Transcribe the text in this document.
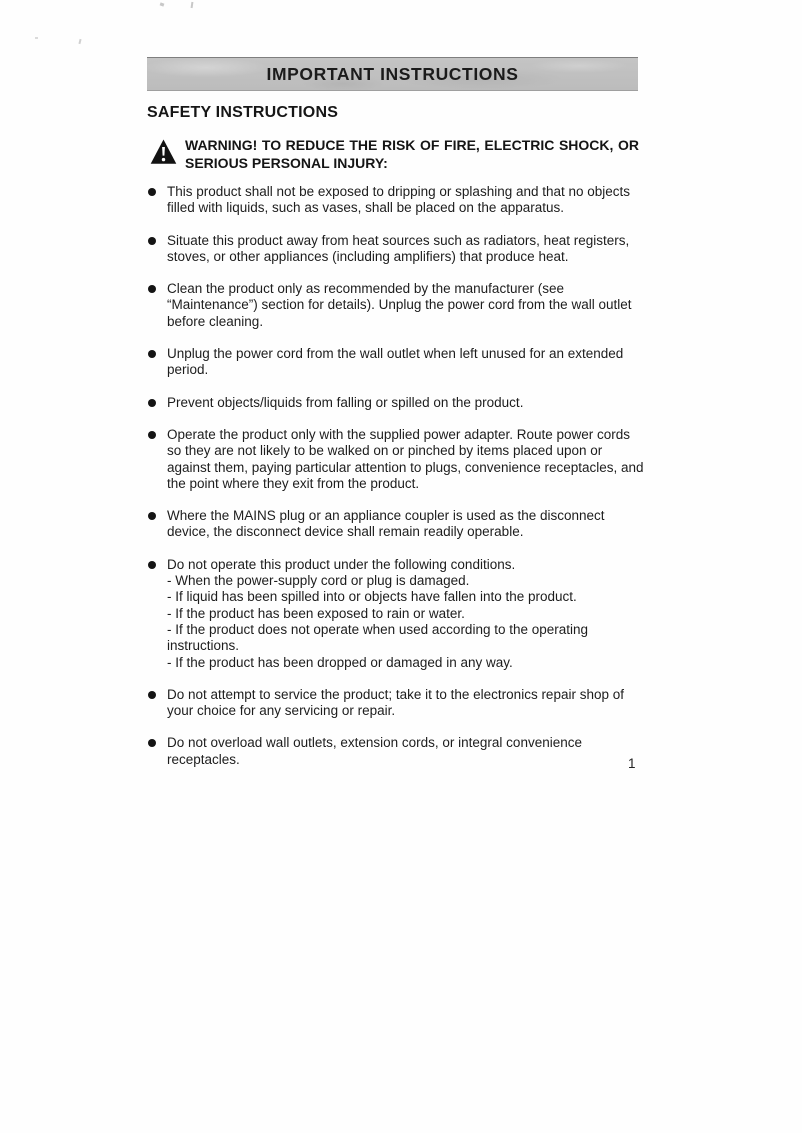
IMPORTANT INSTRUCTIONS
SAFETY INSTRUCTIONS
WARNING! TO REDUCE THE RISK OF FIRE, ELECTRIC SHOCK, OR SERIOUS PERSONAL INJURY:
This product shall not be exposed to dripping or splashing and that no objects filled with liquids, such as vases, shall be placed on the apparatus.
Situate this product away from heat sources such as radiators, heat registers, stoves, or other appliances (including amplifiers) that produce heat.
Clean the product only as recommended by the manufacturer (see “Maintenance”) section for details). Unplug the power cord from the wall outlet before cleaning.
Unplug the power cord from the wall outlet when left unused for an extended period.
Prevent objects/liquids from falling or spilled on the product.
Operate the product only with the supplied power adapter. Route power cords so they are not likely to be walked on or pinched by items placed upon or against them, paying particular attention to plugs, convenience receptacles, and the point where they exit from the product.
Where the MAINS plug or an appliance coupler is used as the disconnect device, the disconnect device shall remain readily operable.
Do not operate this product under the following conditions.
- When the power-supply cord or plug is damaged.
- If liquid has been spilled into or objects have fallen into the product.
- If the product has been exposed to rain or water.
- If the product does not operate when used according to the operating instructions.
- If the product has been dropped or damaged in any way.
Do not attempt to service the product; take it to the electronics repair shop of your choice for any servicing or repair.
Do not overload wall outlets, extension cords, or integral convenience receptacles.	1
